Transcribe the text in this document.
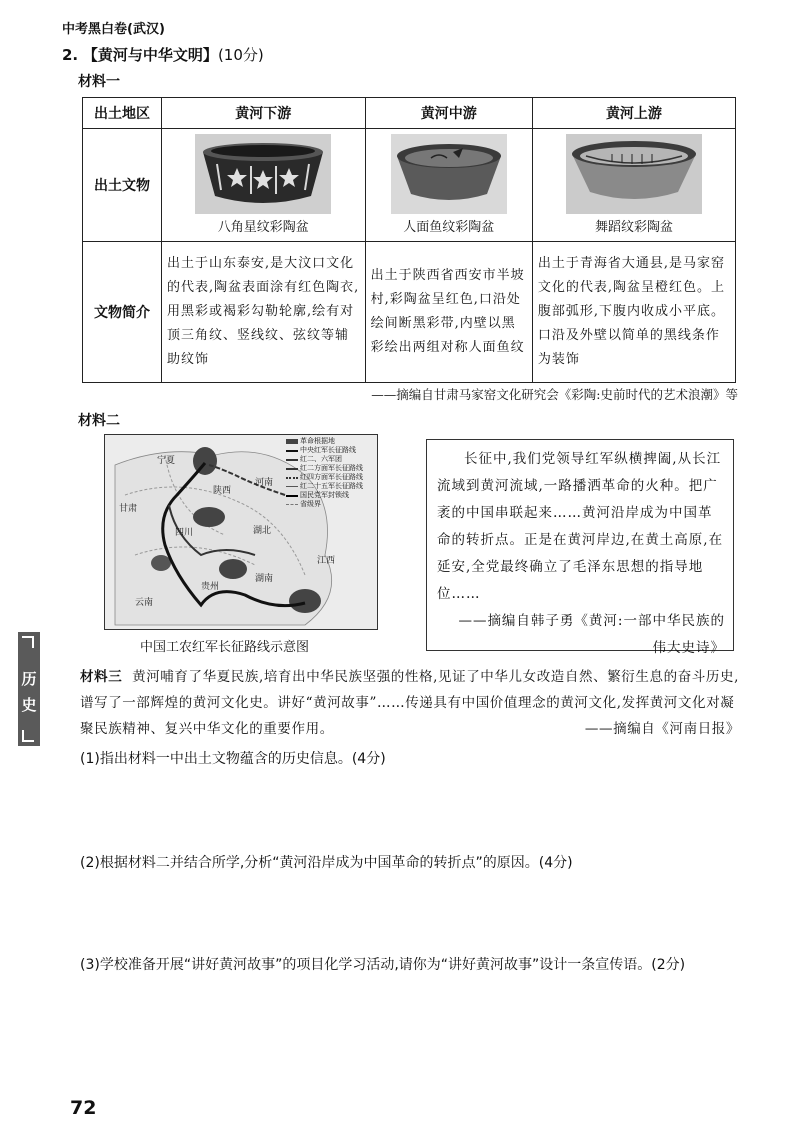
中考黑白卷(武汉)
2. 【黄河与中华文明】(10分)
材料一
出土地区	黄河下游	黄河中游	黄河上游
出土文物	八角星纹彩陶盆	人面鱼纹彩陶盆	舞蹈纹彩陶盆
文物简介	出土于山东泰安,是大汶口文化的代表,陶盆表面涂有红色陶衣,用黑彩或褐彩勾勒轮廓,绘有对顶三角纹、竖线纹、弦纹等辅助纹饰	出土于陕西省西安市半坡村,彩陶盆呈红色,口沿处绘间断黑彩带,内壁以黑彩绘出两组对称人面鱼纹	出土于青海省大通县,是马家窑文化的代表,陶盆呈橙红色。上腹部弧形,下腹内收成小平底。口沿及外壁以简单的黑线条作为装饰
——摘编自甘肃马家窑文化研究会《彩陶:史前时代的艺术浪潮》等
材料二
甘肃
宁夏
陕西
河南
四川	湖北
湖南
江西
贵州
云南
革命根据地
中央红军长征路线
红二、六军团
红二方面军长征路线
红四方面军长征路线
红二十五军长征路线
国民党军封锁线
省级界
中国工农红军长征路线示意图
长征中,我们党领导红军纵横捭阖,从长江流域到黄河流域,一路播洒革命的火种。把广袤的中国串联起来……黄河沿岸成为中国革命的转折点。正是在黄河岸边,在黄土高原,在延安,全党最终确立了毛泽东思想的指导地位……
——摘编自韩子勇《黄河:一部中华民族的
伟大史诗》
材料三 黄河哺育了华夏民族,培育出中华民族坚强的性格,见证了中华儿女改造自然、繁衍生息的奋斗历史,谱写了一部辉煌的黄河文化史。讲好“黄河故事”……传递具有中国价值理念的黄河文化,发挥黄河文化对凝聚民族精神、复兴中华文化的重要作用。	——摘编自《河南日报》
(1)指出材料一中出土文物蕴含的历史信息。(4分)
(2)根据材料二并结合所学,分析“黄河沿岸成为中国革命的转折点”的原因。(4分)
(3)学校准备开展“讲好黄河故事”的项目化学习活动,请你为“讲好黄河故事”设计一条宣传语。(2分)
历
史
72
